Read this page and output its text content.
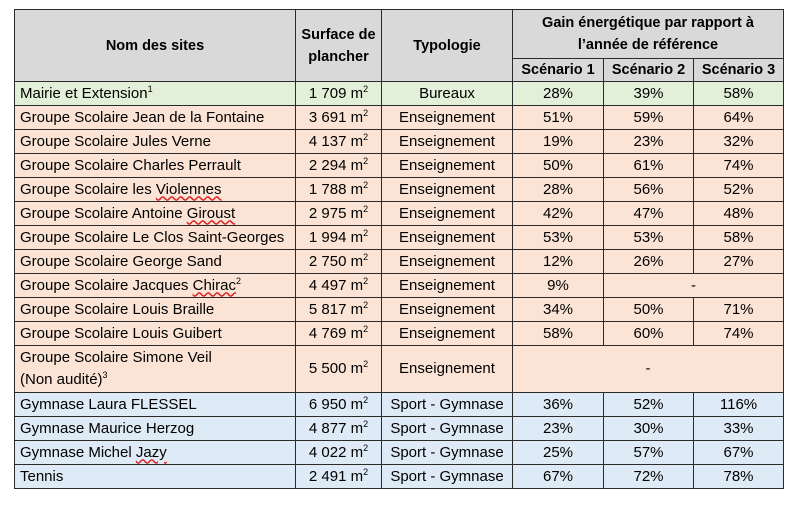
Nom des sites	Surface de plancher	Typologie	Gain énergétique par rapport à l’année de référence		
			Scénario 1	Scénario 2	Scénario 3
Mairie et Extension$^1$	1 709 $m^2$	Bureaux	28%	39%	58%
Groupe Scolaire Jean de la Fontaine	3 691 $m^2$	Enseignement	51%	59%	64%
Groupe Scolaire Jules Verne	4 137 $m^2$	Enseignement	19%	23%	32%
Groupe Scolaire Charles Perrault	2 294 $m^2$	Enseignement	50%	61%	74%
Groupe Scolaire les Violennes	1 788 $m^2$	Enseignement	28%	56%	52%
Groupe Scolaire Antoine Giroust	2 975 $m^2$	Enseignement	42%	47%	48%
Groupe Scolaire Le Clos Saint-Georges	1 994 $m^2$	Enseignement	53%	53%	58%
Groupe Scolaire George Sand	2 750 $m^2$	Enseignement	12%	26%	27%
Groupe Scolaire Jacques Chirac$^2$	4 497 $m^2$	Enseignement	9%	-	
Groupe Scolaire Louis Braille	5 817 $m^2$	Enseignement	34%	50%	71%
Groupe Scolaire Louis Guibert	4 769 $m^2$	Enseignement	58%	60%	74%
Groupe Scolaire Simone Veil
(Non audité)$^3$	5 500 $m^2$	Enseignement	-		
Gymnase Laura FLESSEL	6 950 $m^2$	Sport - Gymnase	36%	52%	116%
Gymnase Maurice Herzog	4 877 $m^2$	Sport - Gymnase	23%	30%	33%
Gymnase Michel Jazy	4 022 $m^2$	Sport - Gymnase	25%	57%	67%
Tennis	2 491 $m^2$	Sport - Gymnase	67%	72%	78%
